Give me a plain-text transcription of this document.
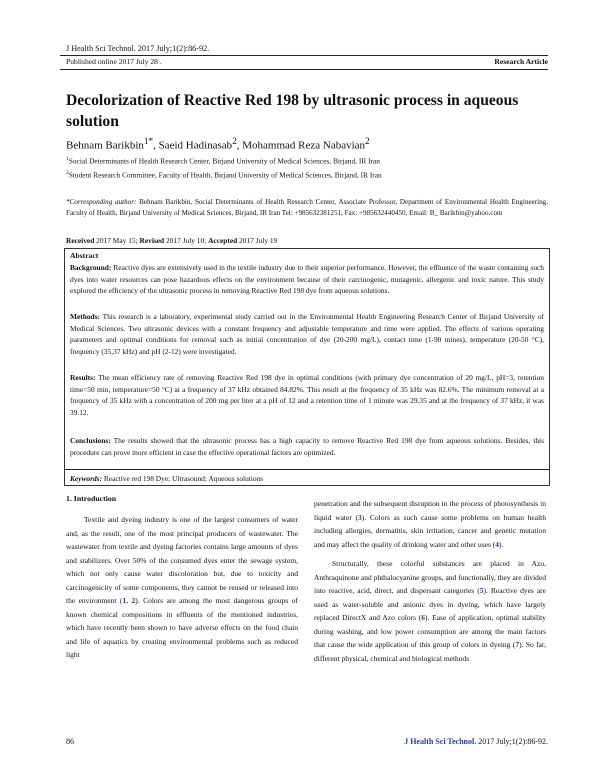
J Health Sci Technol. 2017 July;1(2):86-92.
Published online 2017 July 28 .	Research Article
Decolorization of Reactive Red 198 by ultrasonic process in aqueous solution
Behnam Barikbin$^{1*}$, Saeid Hadinasab$^2$, Mohammad Reza Nabavian$^2$
$^1$Social Determinants of Health Research Center, Birjand University of Medical Sciences, Birjand, IR Iran
$^2$Student Research Committee, Faculty of Health, Birjand University of Medical Sciences, Birjand, IR Iran

*Corresponding author: Behnam Barikbin, Social Determinants of Health Research Center, Associate Professor, Department of Environmental Health Engineering, Faculty of Health, Birjand University of Medical Sciences, Birjand, IR Iran Tel: +985632381251, Fax: +985632440450, Email: B_ Barikbin@yahoo.com

Received 2017 May 15; Revised 2017 July 10; Accepted 2017 July 19
Abstract

Background: Reactive dyes are extensively used in the textile industry due to their superior performance. However, the effluence of the waste containing such dyes into water resources can pose hazardous effects on the environment because of their carcinogenic, mutagenic, allergenic and toxic nature. This study explored the efficiency of the ultrasonic process in removing Reactive Red 198 dye from aqueous solutions.

Methods: This research is a laboratory, experimental study carried out in the Environmental Health Engineering Research Center of Birjand University of Medical Sciences. Two ultrasonic devices with a constant frequency and adjustable temperature and time were applied. The effects of various operating parameters and optimal conditions for removal such as initial concentration of dye (20-200 mg/L), contact time (1-90 mines), temperature (20-50 °C), frequency (35,37 kHz) and pH (2-12) were investigated.

Results: The mean efficiency rate of removing Reactive Red 198 dye in optimal conditions (with primary dye concentration of 20 mg/L, pH=3, retention time=50 min, temperature=50 °C) at a frequency of 37 kHz obtained 84.82%. This result at the frequency of 35 kHz was 82.6%. The minimum removal at a frequency of 35 kHz with a concentration of 200 mg per liter at a pH of 12 and a retention time of 1 minute was 29.35 and at the frequency of 37 kHz, it was 39.12.

Conclusions: The results showed that the ultrasonic process has a high capacity to remove Reactive Red 198 dye from aqueous solutions. Besides, this procedure can prove more efficient in case the effective operational factors are optimized.

Keywords: Reactive red 198 Dye; Ultrasound; Aqueous solutions
1. Introduction

Textile and dyeing industry is one of the largest consumers of water and, as the result, one of the most principal producers of wastewater. The wastewater from textile and dyeing factories contains large amounts of dyes and stabilizers. Over 50% of the consumed dyes enter the sewage system, which not only cause water discoloration but, due to toxicity and carcinogenicity of some components, they cannot be reused or released into the environment (1, 2). Colors are among the most dangerous groups of known chemical compositions in effluents of the mentioned industries, which have recently been shown to have adverse effects on the food chain and life of aquatics by creating environmental problems such as reduced light

penetration and the subsequent disruption in the process of photosynthesis in liquid water (3). Colors as such cause some problems on human health including allergies, dermatitis, skin irritation, cancer and genetic mutation and may affect the quality of drinking water and other uses (4).

Structurally, these colorful substances are placed in Azo, Anthraquinone and phthalocyanine groups, and functionally, they are divided into reactive, acid, direct, and dispersant categories (5). Reactive dyes are used as water-soluble and anionic dyes in dyeing, which have largely replaced DirectX and Azo colors (6). Ease of application, optimal stability during washing, and low power consumption are among the main factors that cause the wide application of this group of colors in dyeing (7). So far, different physical, chemical and biological methods

86	J Health Sci Technol. 2017 July;1(2):86-92.
